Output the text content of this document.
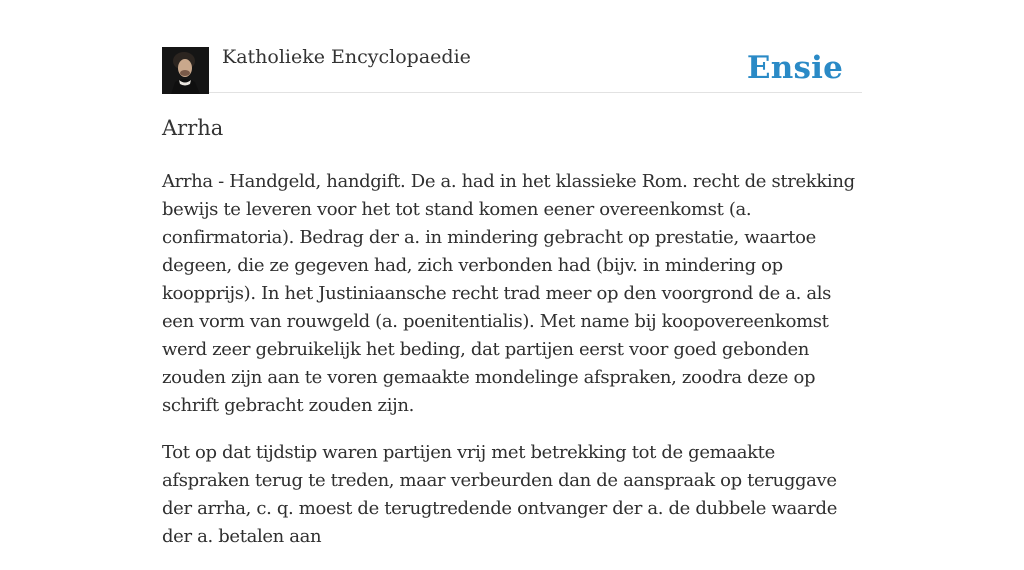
Katholieke Encyclopaedie	Ensie
Arrha

Arrha - Handgeld, handgift. De a. had in het klassieke Rom. recht de strekking bewijs te leveren voor het tot stand komen eener overeenkomst (a. confirmatoria). Bedrag der a. in mindering gebracht op prestatie, waartoe degeen, die ze gegeven had, zich verbonden had (bijv. in mindering op koopprijs). In het Justiniaansche recht trad meer op den voorgrond de a. als een vorm van rouwgeld (a. poenitentialis). Met name bij koopovereenkomst werd zeer gebruikelijk het beding, dat partijen eerst voor goed gebonden zouden zijn aan te voren gemaakte mondelinge afspraken, zoodra deze op schrift gebracht zouden zijn.

Tot op dat tijdstip waren partijen vrij met betrekking tot de gemaakte afspraken terug te treden, maar verbeurden dan de aanspraak op teruggave der arrha, c. q. moest de terugtredende ontvanger der a. de dubbele waarde der a. betalen aan
